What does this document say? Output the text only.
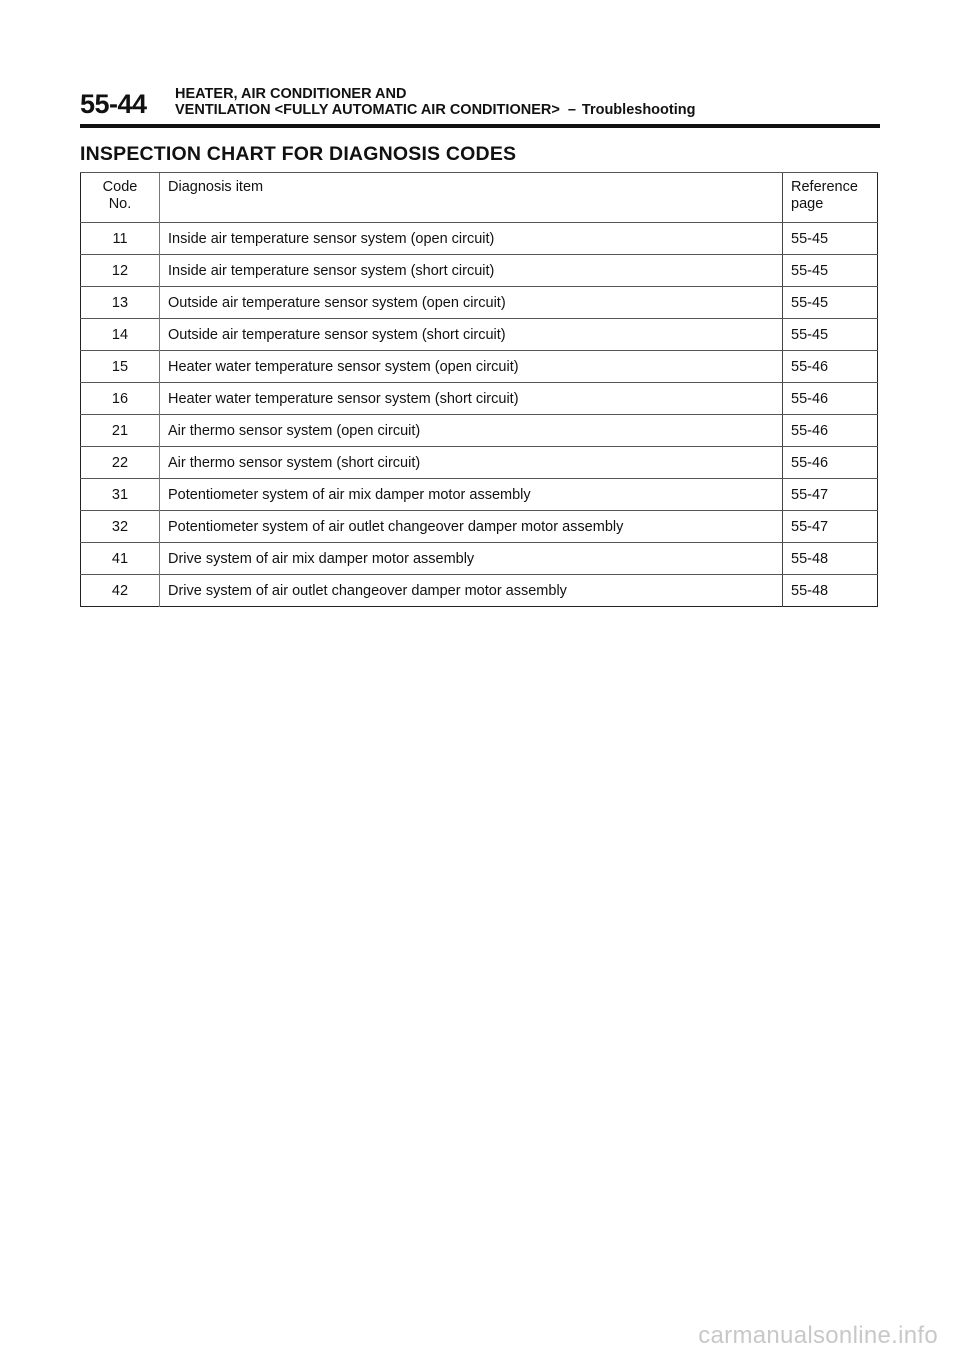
55-44 HEATER, AIR CONDITIONER AND
VENTILATION <FULLY AUTOMATIC AIR CONDITIONER> – Troubleshooting
INSPECTION CHART FOR DIAGNOSIS CODES
Code
No.	Diagnosis item	Reference
page

11	Inside air temperature sensor system (open circuit)	55-45
12	Inside air temperature sensor system (short circuit)	55-45
13	Outside air temperature sensor system (open circuit)	55-45
14	Outside air temperature sensor system (short circuit)	55-45
15	Heater water temperature sensor system (open circuit)	55-46
16	Heater water temperature sensor system (short circuit)	55-46
21	Air thermo sensor system (open circuit)	55-46
22	Air thermo sensor system (short circuit)	55-46
31	Potentiometer system of air mix damper motor assembly	55-47
32	Potentiometer system of air outlet changeover damper motor assembly	55-47
41	Drive system of air mix damper motor assembly	55-48
42	Drive system of air outlet changeover damper motor assembly	55-48
carmanualsonline.info
